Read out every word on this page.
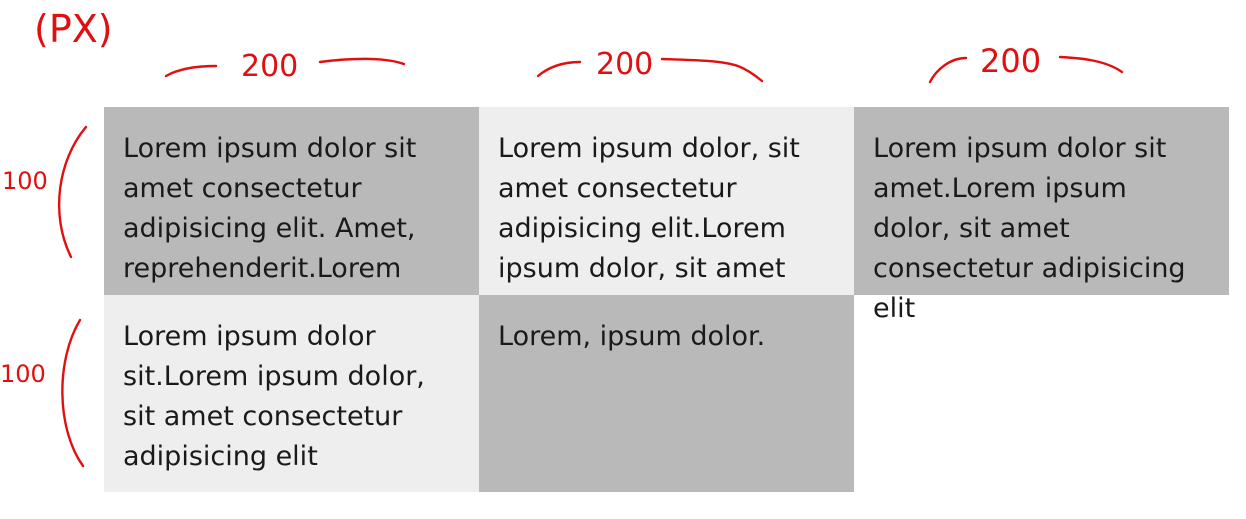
Lorem ipsum dolor sit amet consectetur adipisicing elit. Amet, reprehenderit.Lorem
Lorem ipsum dolor, sit amet consectetur adipisicing elit.Lorem ipsum dolor, sit amet
Lorem ipsum dolor sit amet.Lorem ipsum dolor, sit amet consectetur adipisicing elit
Lorem ipsum dolor sit.Lorem ipsum dolor, sit amet consectetur adipisicing elit
Lorem, ipsum dolor.
(PX)
200	200	200
100
100
